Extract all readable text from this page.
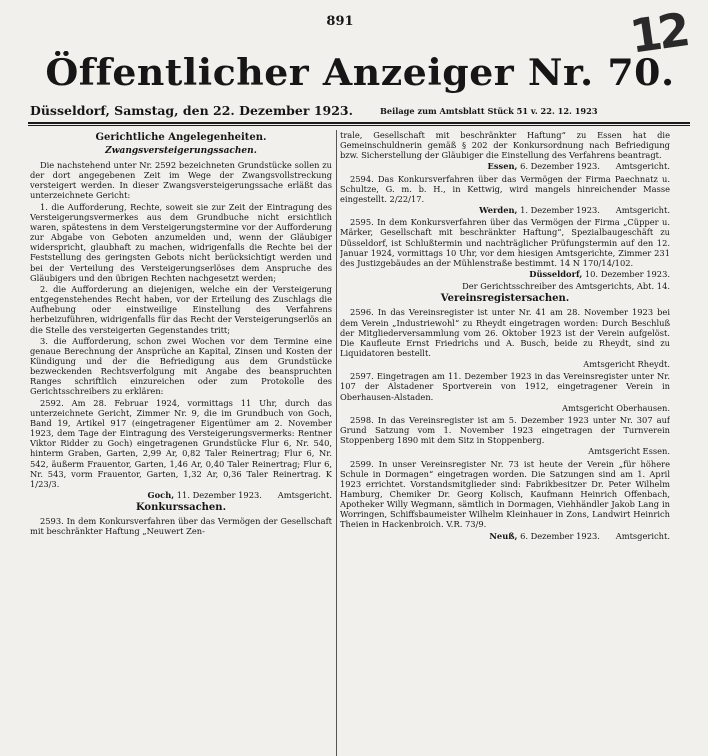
891	12
Öffentlicher Anzeiger Nr. 70.
Düsseldorf, Samstag, den 22. Dezember 1923.	Beilage zum Amtsblatt Stück 51 v. 22. 12. 1923
Gerichtliche Angelegenheiten.
Zwangsversteigerungssachen.

Die nachstehend unter Nr. 2592 bezeichneten Grundstücke sollen zu der dort angegebenen Zeit im Wege der Zwangsvollstreckung versteigert werden. In dieser Zwangsversteigerungssache erläßt das unterzeichnete Gericht:

1. die Aufforderung, Rechte, soweit sie zur Zeit der Eintragung des Versteigerungsvermerkes aus dem Grundbuche nicht ersichtlich waren, spätestens in dem Versteigerungstermine vor der Aufforderung zur Abgabe von Geboten anzumelden und, wenn der Gläubiger widerspricht, glaubhaft zu machen, widrigenfalls die Rechte bei der Feststellung des geringsten Gebots nicht berücksichtigt werden und bei der Verteilung des Versteigerungserlöses dem Anspruche des Gläubigers und den übrigen Rechten nachgesetzt werden;

2. die Aufforderung an diejenigen, welche ein der Versteigerung entgegenstehendes Recht haben, vor der Erteilung des Zuschlags die Aufhebung oder einstweilige Einstellung des Verfahrens herbeizuführen, widrigenfalls für das Recht der Versteigerungserlös an die Stelle des versteigerten Gegenstandes tritt;

3. die Aufforderung, schon zwei Wochen vor dem Termine eine genaue Berechnung der Ansprüche an Kapital, Zinsen und Kosten der Kündigung und der die Befriedigung aus dem Grundstücke bezweckenden Rechtsverfolgung mit Angabe des beanspruchten Ranges schriftlich einzureichen oder zum Protokolle des Gerichtsschreibers zu erklären:

2592. Am 28. Februar 1924, vormittags 11 Uhr, durch das unterzeichnete Gericht, Zimmer Nr. 9, die im Grundbuch von Goch, Band 19, Artikel 917 (eingetragener Eigentümer am 2. November 1923, dem Tage der Eintragung des Versteigerungsvermerks: Rentner Viktor Ridder zu Goch) eingetragenen Grundstücke Flur 6, Nr. 540, hinterm Graben, Garten, 2,99 Ar, 0,82 Taler Reinertrag; Flur 6, Nr. 542, äußerm Frauentor, Garten, 1,46 Ar, 0,40 Taler Reinertrag; Flur 6, Nr. 543, vorm Frauentor, Garten, 1,32 Ar, 0,36 Taler Reinertrag. K 1/23/3.

Goch, 11. Dezember 1923. Amtsgericht.
Konkurssachen.

2593. In dem Konkursverfahren über das Vermögen der Gesellschaft mit beschränkter Haftung „Neuwert Zen-

trale, Gesellschaft mit beschränkter Haftung“ zu Essen hat die Gemeinschuldnerin gemäß § 202 der Konkursordnung nach Befriedigung bzw. Sicherstellung der Gläubiger die Einstellung des Verfahrens beantragt.

Essen, 6. Dezember 1923. Amtsgericht.

2594. Das Konkursverfahren über das Vermögen der Firma Paechnatz u. Schultze, G. m. b. H., in Kettwig, wird mangels hinreichender Masse eingestellt. 2/22/17.

Werden, 1. Dezember 1923. Amtsgericht.

2595. In dem Konkursverfahren über das Vermögen der Firma „Cüpper u. Märker, Gesellschaft mit beschränkter Haftung“, Spezialbaugeschäft zu Düsseldorf, ist Schlußtermin und nachträglicher Prüfungstermin auf den 12. Januar 1924, vormittags 10 Uhr, vor dem hiesigen Amtsgerichte, Zimmer 231 des Justizgebäudes an der Mühlenstraße bestimmt. 14 N 170/14/102.

Düsseldorf, 10. Dezember 1923.
Der Gerichtsschreiber des Amtsgerichts, Abt. 14.
Vereinsregistersachen.

2596. In das Vereinsregister ist unter Nr. 41 am 28. November 1923 bei dem Verein „Industriewohl“ zu Rheydt eingetragen worden: Durch Beschluß der Mitgliederversammlung vom 26. Oktober 1923 ist der Verein aufgelöst. Die Kaufleute Ernst Friedrichs und A. Busch, beide zu Rheydt, sind zu Liquidatoren bestellt.

Amtsgericht Rheydt.

2597. Eingetragen am 11. Dezember 1923 in das Vereinsregister unter Nr. 107 der Alstadener Sportverein von 1912, eingetragener Verein in Oberhausen-Alstaden.

Amtsgericht Oberhausen.

2598. In das Vereinsregister ist am 5. Dezember 1923 unter Nr. 307 auf Grund Satzung vom 1. November 1923 eingetragen der Turnverein Stoppenberg 1890 mit dem Sitz in Stoppenberg.

Amtsgericht Essen.

2599. In unser Vereinsregister Nr. 73 ist heute der Verein „für höhere Schule in Dormagen“ eingetragen worden. Die Satzungen sind am 1. April 1923 errichtet. Vorstandsmitglieder sind: Fabrikbesitzer Dr. Peter Wilhelm Hamburg, Chemiker Dr. Georg Kolisch, Kaufmann Heinrich Offenbach, Apotheker Willy Wegmann, sämtlich in Dormagen, Viehhändler Jakob Lang in Worringen, Schiffsbaumeister Wilhelm Kleinhauer in Zons, Landwirt Heinrich Theien in Hackenbroich. V.R. 73/9.

Neuß, 6. Dezember 1923. Amtsgericht.
